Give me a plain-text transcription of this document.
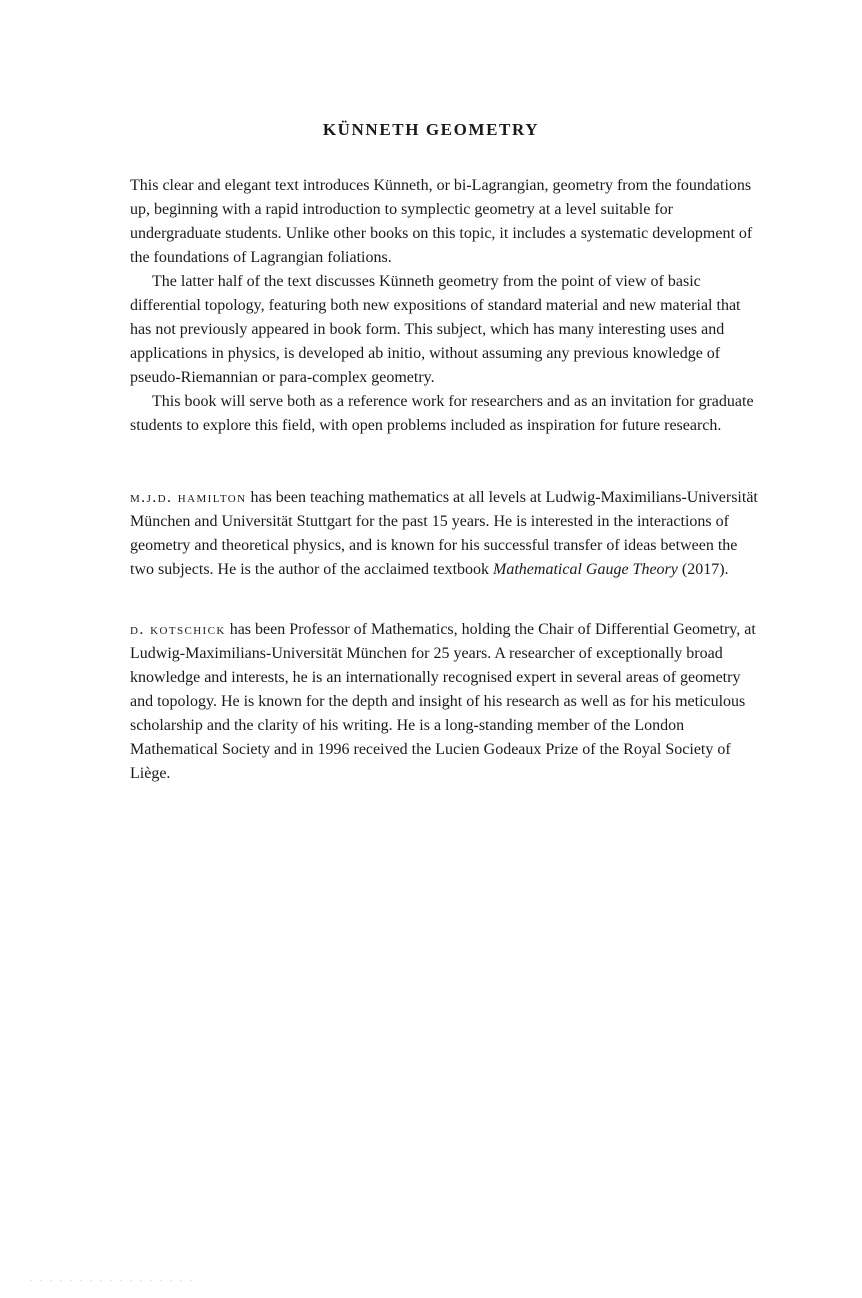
KÜNNETH GEOMETRY

This clear and elegant text introduces Künneth, or bi-Lagrangian, geometry from the foundations up, beginning with a rapid introduction to symplectic geometry at a level suitable for undergraduate students. Unlike other books on this topic, it includes a systematic development of the foundations of Lagrangian foliations.

The latter half of the text discusses Künneth geometry from the point of view of basic differential topology, featuring both new expositions of standard material and new material that has not previously appeared in book form. This subject, which has many interesting uses and applications in physics, is developed ab initio, without assuming any previous knowledge of pseudo-Riemannian or para-complex geometry.

This book will serve both as a reference work for researchers and as an invitation for graduate students to explore this field, with open problems included as inspiration for future research.

m.j.d. hamilton has been teaching mathematics at all levels at Ludwig-Maximilians-Universität München and Universität Stuttgart for the past 15 years. He is interested in the interactions of geometry and theoretical physics, and is known for his successful transfer of ideas between the two subjects. He is the author of the acclaimed textbook Mathematical Gauge Theory (2017).

d. kotschick has been Professor of Mathematics, holding the Chair of Differential Geometry, at Ludwig-Maximilians-Universität München for 25 years. A researcher of exceptionally broad knowledge and interests, he is an internationally recognised expert in several areas of geometry and topology. He is known for the depth and insight of his research as well as for his meticulous scholarship and the clarity of his writing. He is a long-standing member of the London Mathematical Society and in 1996 received the Lucien Godeaux Prize of the Royal Society of Liège.

. . . . . . . . . . . . . . . . .
